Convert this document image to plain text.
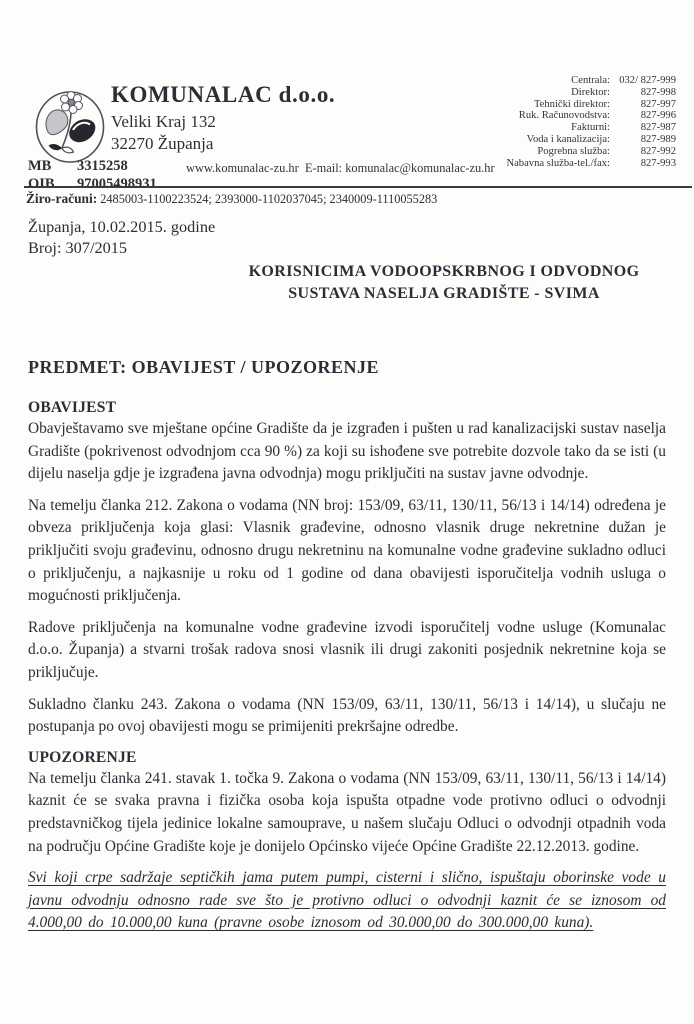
KOMUNALAC d.o.o.
Veliki Kraj 132
32270 Županja
Centrala: 032/ 827-999
Direktor:	827-998
Tehnički direktor:	827-997
Ruk. Računovodstva:	827-996
Fakturni:	827-987
Voda i kanalizacija:	827-989
Pogrebna služba:	827-992
Nabavna služba-tel./fax:	827-993
MB 3315258
OIB 97005498931
www.komunalac-zu.hr E-mail: komunalac@komunalac-zu.hr
Žiro-računi: 2485003-1100223524; 2393000-1102037045; 2340009-1110055283
Županja, 10.02.2015. godine
Broj: 307/2015
KORISNICIMA VODOOPSKRBNOG I ODVODNOG
SUSTAVA NASELJA GRADIŠTE - SVIMA
PREDMET: OBAVIJEST / UPOZORENJE
OBAVIJEST

Obavještavamo sve mještane općine Gradište da je izgrađen i pušten u rad kanalizacijski sustav naselja Gradište (pokrivenost odvodnjom cca 90 %) za koji su ishođene sve potrebite dozvole tako da se isti (u dijelu naselja gdje je izgrađena javna odvodnja) mogu priključiti na sustav javne odvodnje.

Na temelju članka 212. Zakona o vodama (NN broj: 153/09, 63/11, 130/11, 56/13 i 14/14) određena je obveza priključenja koja glasi: Vlasnik građevine, odnosno vlasnik druge nekretnine dužan je priključiti svoju građevinu, odnosno drugu nekretninu na komunalne vodne građevine sukladno odluci o priključenju, a najkasnije u roku od 1 godine od dana obavijesti isporučitelja vodnih usluga o mogućnosti priključenja.

Radove priključenja na komunalne vodne građevine izvodi isporučitelj vodne usluge (Komunalac d.o.o. Županja) a stvarni trošak radova snosi vlasnik ili drugi zakoniti posjednik nekretnine koja se priključuje.

Sukladno članku 243. Zakona o vodama (NN 153/09, 63/11, 130/11, 56/13 i 14/14), u slučaju ne postupanja po ovoj obavijesti mogu se primijeniti prekršajne odredbe.

UPOZORENJE

Na temelju članka 241. stavak 1. točka 9. Zakona o vodama (NN 153/09, 63/11, 130/11, 56/13 i 14/14) kaznit će se svaka pravna i fizička osoba koja ispušta otpadne vode protivno odluci o odvodnji predstavničkog tijela jedinice lokalne samouprave, u našem slučaju Odluci o odvodnji otpadnih voda na području Općine Gradište koje je donijelo Općinsko vijeće Općine Gradište 22.12.2013. godine.

Svi koji crpe sadržaje septičkih jama putem pumpi, cisterni i slično, ispuštaju oborinske vode u javnu odvodnju odnosno rade sve što je protivno odluci o odvodnji kaznit će se iznosom od 4.000,00 do 10.000,00 kuna (pravne osobe iznosom od 30.000,00 do 300.000,00 kuna).
